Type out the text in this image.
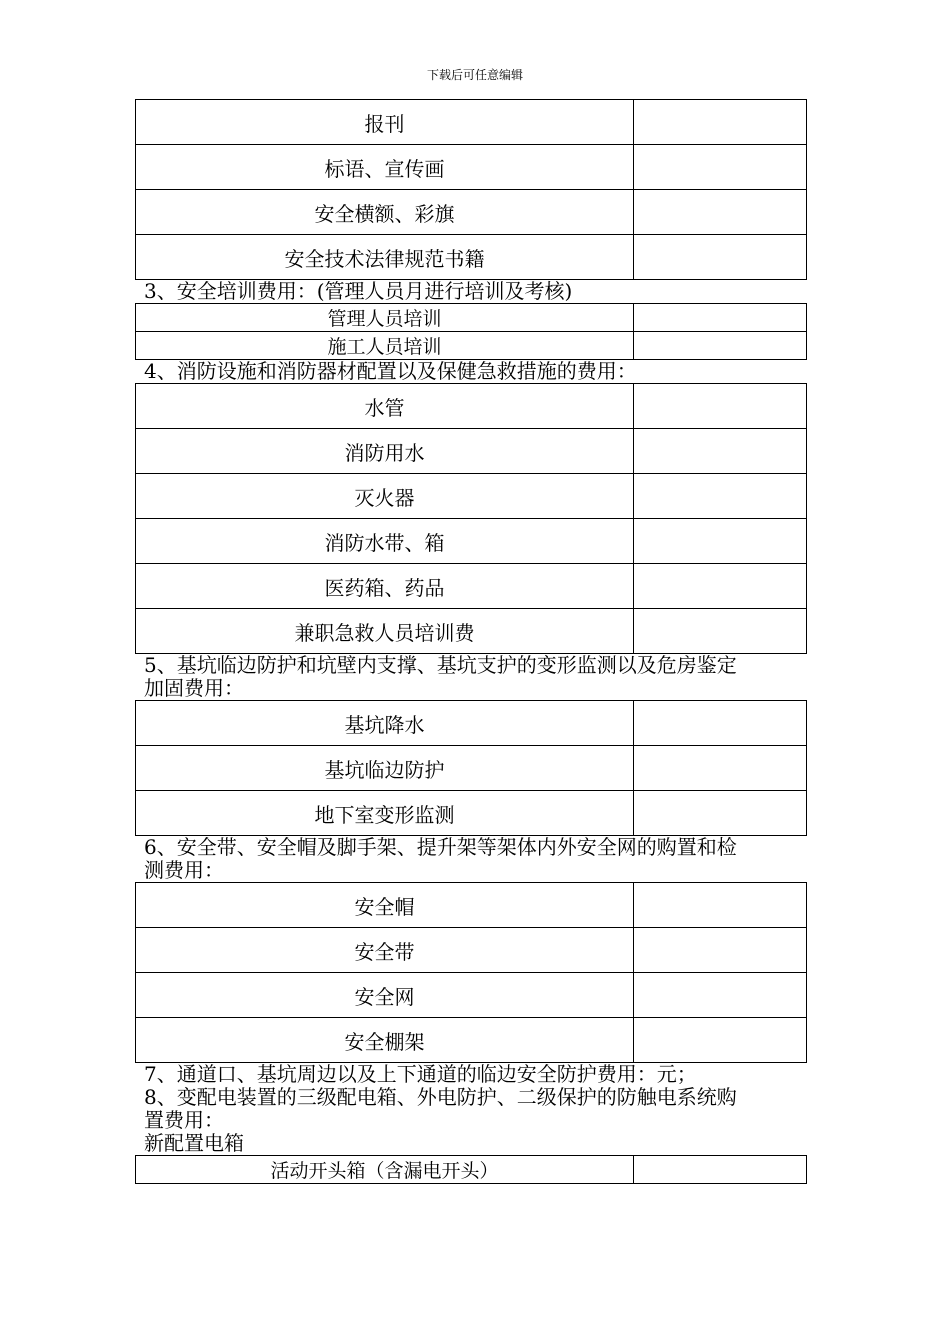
下载后可任意编辑
报刊	
标语、宣传画	
安全横额、彩旗	
安全技术法律规范书籍	

3、安全培训费用：(管理人员月进行培训及考核)

管理人员培训	
施工人员培训	

4、消防设施和消防器材配置以及保健急救措施的费用：

水管	
消防用水	
灭火器	
消防水带、箱	
医药箱、药品	
兼职急救人员培训费	

5、基坑临边防护和坑壁内支撑、基坑支护的变形监测以及危房鉴定

加固费用：

基坑降水	
基坑临边防护	
地下室变形监测	

6、安全带、安全帽及脚手架、提升架等架体内外安全网的购置和检

测费用：

安全帽	
安全带	
安全网	
安全棚架	

7、通道口、基坑周边以及上下通道的临边安全防护费用：元；

8、变配电装置的三级配电箱、外电防护、二级保护的防触电系统购

置费用：

新配置电箱

活动开头箱（含漏电开头）	
